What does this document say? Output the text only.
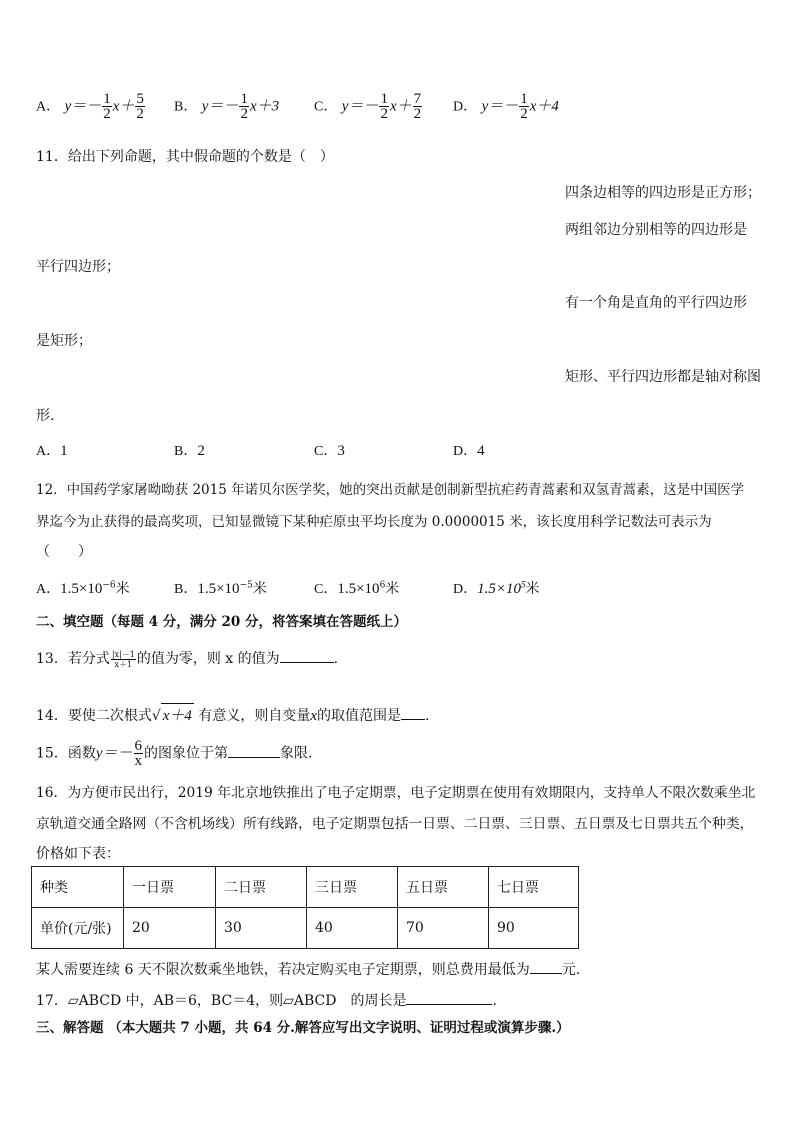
A． $y=- \frac{1}{2} x+ \frac{5}{2}$ B． $y=- \frac{1}{2} x+3$ C． $y=- \frac{1}{2} x+ \frac{7}{2}$ D． $y=- \frac{1}{2} x+4$
11．给出下列命题，其中假命题的个数是（　）
四条边相等的四边形是正方形；
两组邻边分别相等的四边形是
平行四边形；
有一个角是直角的平行四边形
是矩形；
矩形、平行四边形都是轴对称图
形.
A．1	B．2	C．3	D．4
12．中国药学家屠呦呦获 2015 年诺贝尔医学奖，她的突出贡献是创制新型抗疟药青蒿素和双氢青蒿素，这是中国医学
界迄今为止获得的最高奖项，已知显微镜下某种疟原虫平均长度为 0.0000015 米，该长度用科学记数法可表示为
（　　）
A．$1.5\times 10^{-6}$米	B．$1.5\times 10^{-5}$米	C．$1.5\times 10^6$米	D．$1.5\times 10^5$米
二、填空题（每题 4 分，满分 20 分，将答案填在答题纸上）
13．若分式 $\frac{|x|-1}{x+1}$ 的值为零，则 x 的值为	.
14．要使二次根式√ x＋4 有意义，则自变量x的取值范围是 .
15．函数$y=- \frac{6}{x}$ 的图象位于第	象限.
16．为方便市民出行，2019 年北京地铁推出了电子定期票，电子定期票在使用有效期限内，支持单人不限次数乘坐北
京轨道交通全路网（不含机场线）所有线路，电子定期票包括一日票、二日票、三日票、五日票及七日票共五个种类，
价格如下表：
种类	一日票	二日票	三日票	五日票	七日票
单价(元/张)	20	30	40	70	90
某人需要连续 6 天不限次数乘坐地铁，若决定购买电子定期票，则总费用最低为 元.
17．▱ABCD 中，AB＝6，BC＝4，则▱ABCD　的周长是	.
三、解答题 （本大题共 7 小题，共 64 分.解答应写出文字说明、证明过程或演算步骤.）
